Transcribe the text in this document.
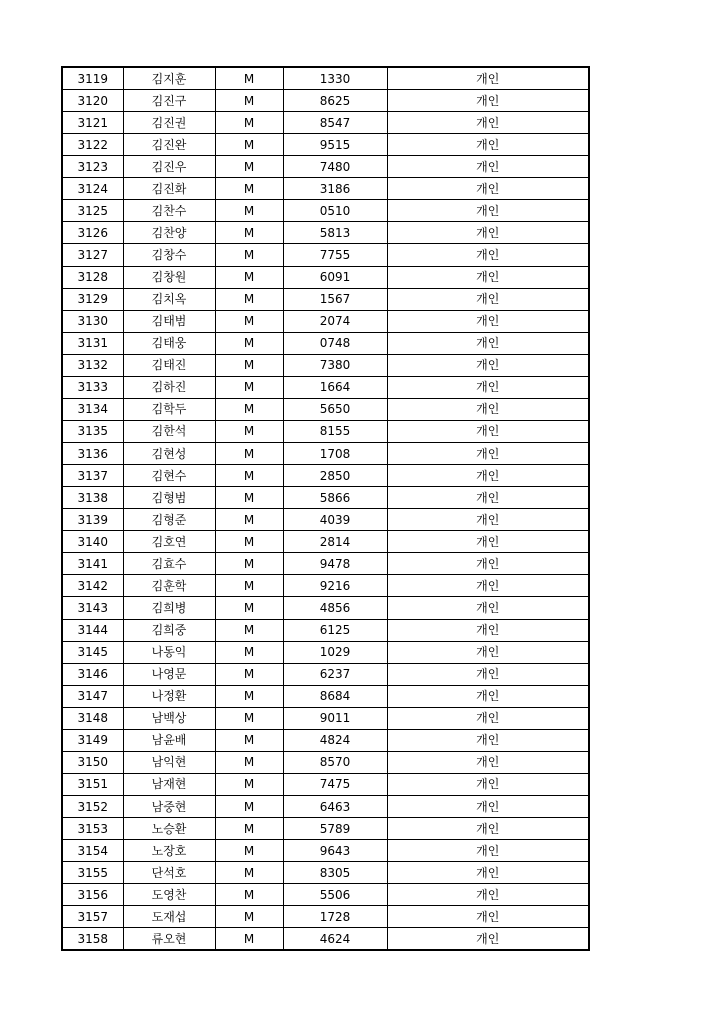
3119	김지훈	M	1330	개인
3120	김진구	M	8625	개인
3121	김진권	M	8547	개인
3122	김진완	M	9515	개인
3123	김진우	M	7480	개인
3124	김진화	M	3186	개인
3125	김찬수	M	0510	개인
3126	김찬양	M	5813	개인
3127	김창수	M	7755	개인
3128	김창원	M	6091	개인
3129	김치옥	M	1567	개인
3130	김태범	M	2074	개인
3131	김태웅	M	0748	개인
3132	김태진	M	7380	개인
3133	김하진	M	1664	개인
3134	김학두	M	5650	개인
3135	김한석	M	8155	개인
3136	김현성	M	1708	개인
3137	김현수	M	2850	개인
3138	김형범	M	5866	개인
3139	김형준	M	4039	개인
3140	김호연	M	2814	개인
3141	김효수	M	9478	개인
3142	김훈학	M	9216	개인
3143	김희병	M	4856	개인
3144	김희중	M	6125	개인
3145	나동익	M	1029	개인
3146	나영문	M	6237	개인
3147	나정환	M	8684	개인
3148	남백상	M	9011	개인
3149	남윤배	M	4824	개인
3150	남익현	M	8570	개인
3151	남재현	M	7475	개인
3152	남중현	M	6463	개인
3153	노승환	M	5789	개인
3154	노장호	M	9643	개인
3155	단석호	M	8305	개인
3156	도영찬	M	5506	개인
3157	도재섭	M	1728	개인
3158	류오현	M	4624	개인
